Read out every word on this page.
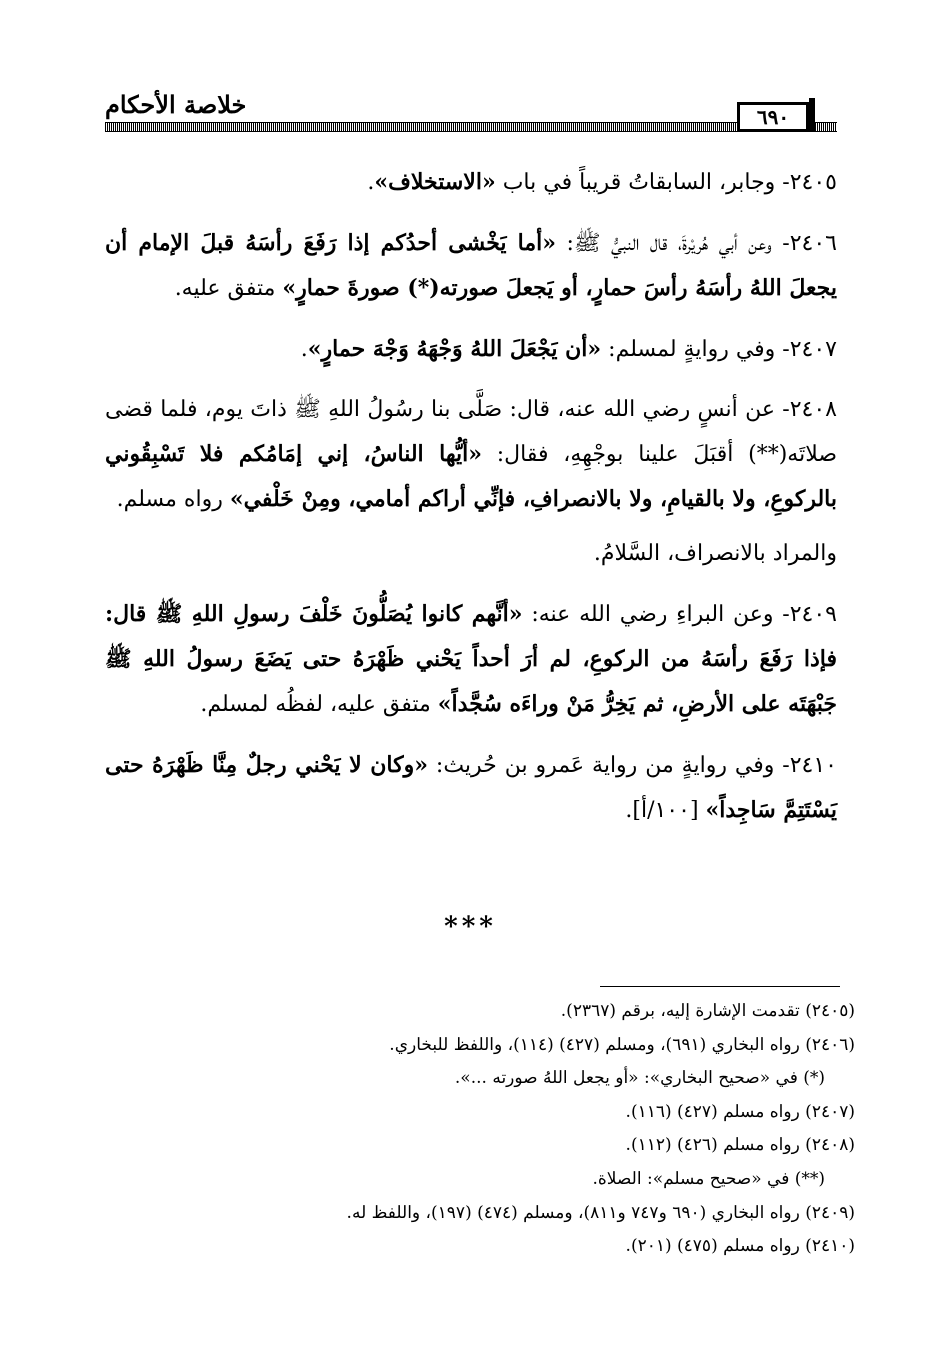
خلاصة الأحكام	٦٩٠

٢٤٠٥- وجابر، السابقاتُ قريباً في باب «الاستخلاف».

٢٤٠٦- وعن أبي هُريْرةَ، قال النبيُّ ﷺ: «أما يَخْشى أحدُكم إذا رَفَعَ رأسَهُ قبلَ الإمام أن يجعلَ اللهُ رأسَهُ رأسَ حمارٍ، أو يَجعلَ صورته(*) صورةَ حمارٍ» متفق عليه.

٢٤٠٧- وفي روايةٍ لمسلم: «أن يَجْعَلَ اللهُ وَجْهَهُ وَجْهَ حمارٍ».

٢٤٠٨- عن أنسٍ رضي الله عنه، قال: صَلَّى بنا رسُولُ اللهِ ﷺ ذاتَ يوم، فلما قضى صلاتَه(**) أقبَلَ علينا بوجْهِهِ، فقال: «أيُّها الناسُ، إني إمَامُكم فلا تَسْبِقُوني بالركوعِ، ولا بالقيامِ، ولا بالانصرافِ، فإنِّي أراكم أمامي، ومِنْ خَلْفي» رواه مسلم.

والمراد بالانصراف، السَّلامُ.

٢٤٠٩- وعن البراءِ رضي الله عنه: «أنَّهم كانوا يُصَلُّونَ خَلْفَ رسولِ اللهِ ﷺ قال: فإذا رَفَعَ رأسَهُ من الركوعِ، لم أرَ أحداً يَحْني ظَهْرَهُ حتى يَضَعَ رسولُ اللهِ ﷺ جَبْهَتَه على الأرضِ، ثم يَخِرُّ مَنْ وراءَه سُجَّداً» متفق عليه، لفظُه لمسلم.

٢٤١٠- وفي روايةٍ من رواية عَمرو بن حُريث: «وكان لا يَحْني رجلٌ مِنَّا ظَهْرَهُ حتى يَسْتَتِمَّ سَاجِداً» [١٠٠/أ].

***
(٢٤٠٥) تقدمت الإشارة إليه، برقم (٢٣٦٧).
(٢٤٠٦) رواه البخاري (٦٩١)، ومسلم (٤٢٧) (١١٤)، واللفظ للبخاري.
(*) في «صحيح البخاري»: «أو يجعل اللهُ صورته ...».
(٢٤٠٧) رواه مسلم (٤٢٧) (١١٦).
(٢٤٠٨) رواه مسلم (٤٢٦) (١١٢).
(**) في «صحيح مسلم»: الصلاة.
(٢٤٠٩) رواه البخاري (٦٩٠ و٧٤٧ و٨١١)، ومسلم (٤٧٤) (١٩٧)، واللفظ له.
(٢٤١٠) رواه مسلم (٤٧٥) (٢٠١).
